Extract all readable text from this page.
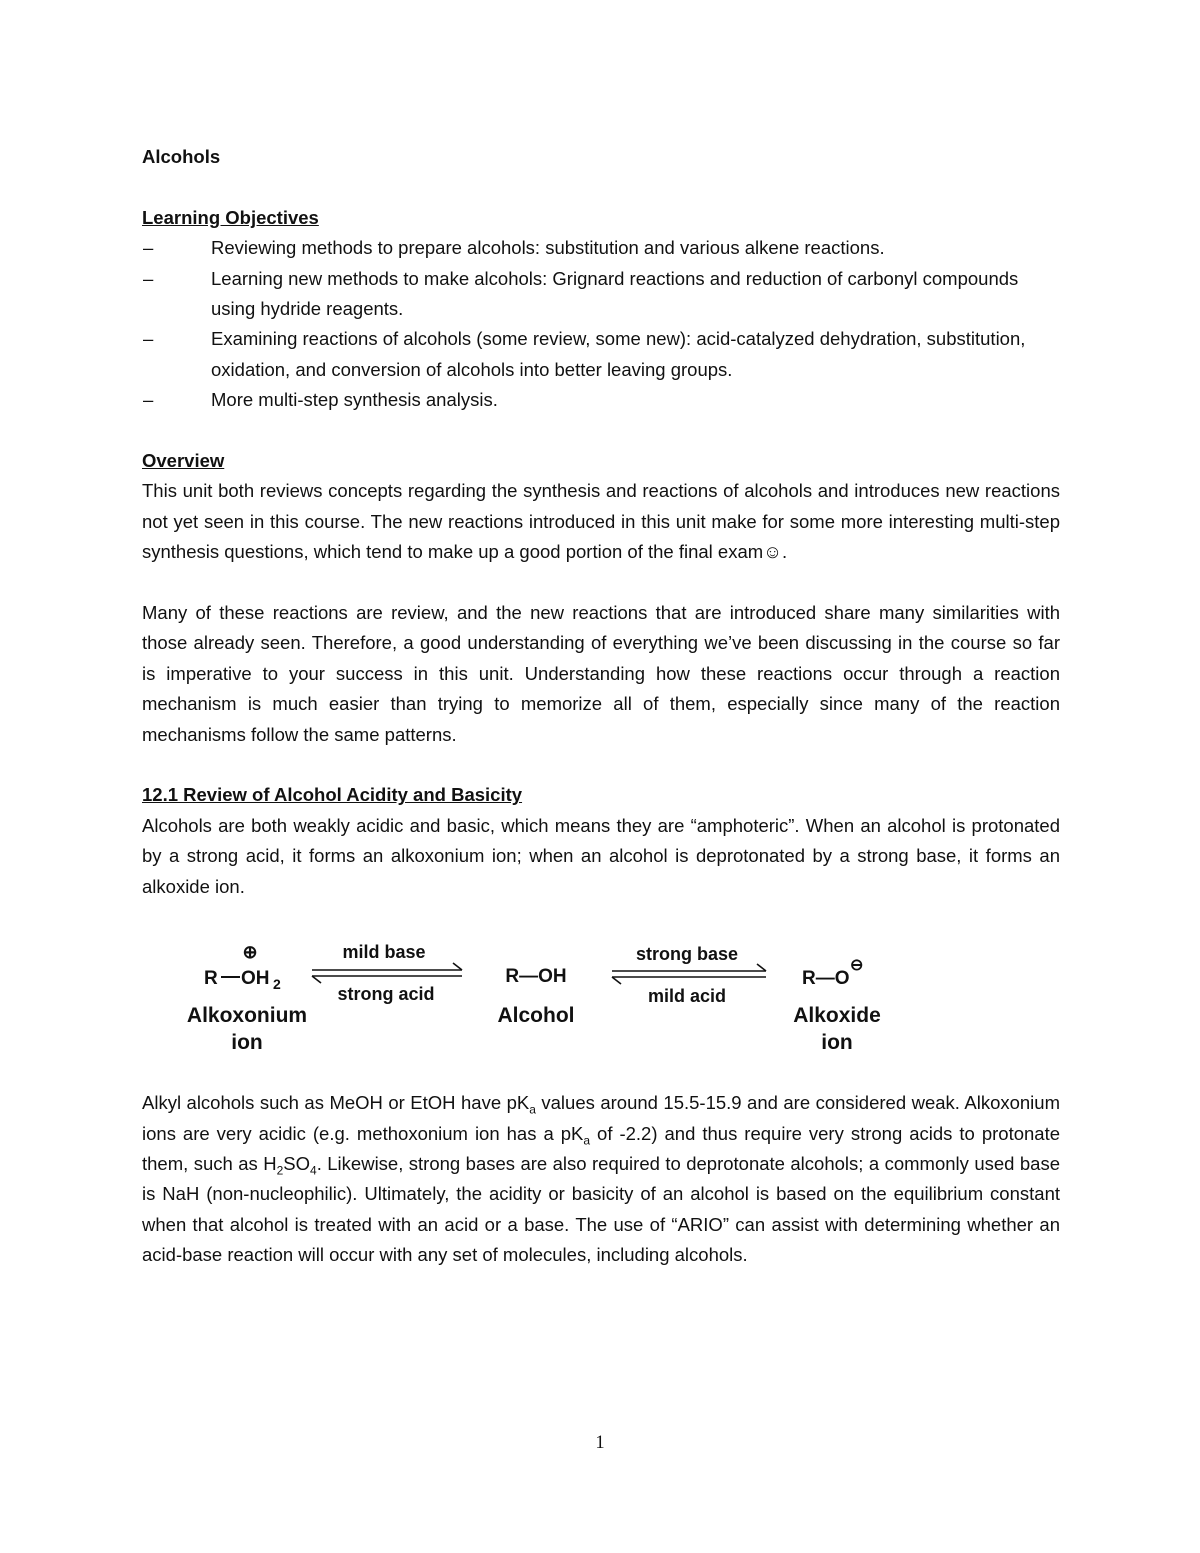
Alcohols

Learning Objectives

–	Reviewing methods to prepare alcohols: substitution and various alkene reactions.
–	Learning new methods to make alcohols: Grignard reactions and reduction of carbonyl compounds using hydride reagents.
–	Examining reactions of alcohols (some review, some new): acid-catalyzed dehydration, substitution, oxidation, and conversion of alcohols into better leaving groups.
–	More multi-step synthesis analysis.

Overview

This unit both reviews concepts regarding the synthesis and reactions of alcohols and introduces new reactions not yet seen in this course. The new reactions introduced in this unit make for some more interesting multi-step synthesis questions, which tend to make up a good portion of the final exam☺.

Many of these reactions are review, and the new reactions that are introduced share many similarities with those already seen. Therefore, a good understanding of everything we’ve been discussing in the course so far is imperative to your success in this unit. Understanding how these reactions occur through a reaction mechanism is much easier than trying to memorize all of them, especially since many of the reaction mechanisms follow the same patterns.

12.1 Review of Alcohol Acidity and Basicity

Alcohols are both weakly acidic and basic, which means they are “amphoteric”. When an alcohol is protonated by a strong acid, it forms an alkoxonium ion; when an alcohol is deprotonated by a strong base, it forms an alkoxide ion.

⊕
R OH 2
Alkoxonium
ion
mild base
strong acid
R—OH
Alcohol
strong base
mild acid
R—O
⊖
Alkoxide
ion

Alkyl alcohols such as MeOH or EtOH have $pK_a$ values around 15.5-15.9 and are considered weak. Alkoxonium ions are very acidic (e.g. methoxonium ion has a $pK_a$ of -2.2) and thus require very strong acids to protonate them, such as $H_2SO_4$. Likewise, strong bases are also required to deprotonate alcohols; a commonly used base is NaH (non-nucleophilic). Ultimately, the acidity or basicity of an alcohol is based on the equilibrium constant when that alcohol is treated with an acid or a base. The use of “ARIO” can assist with determining whether an acid-base reaction will occur with any set of molecules, including alcohols.

1
